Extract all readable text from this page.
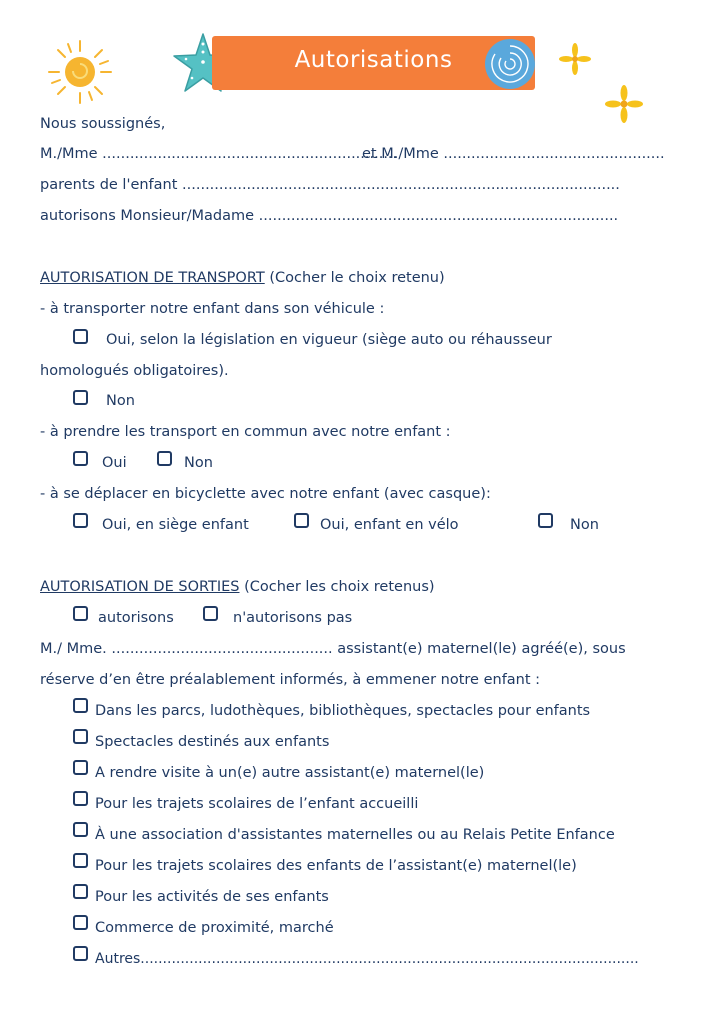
Autorisations
Nous soussignés,
M./Mme ................................................................
et M./Mme ................................................
parents de l'enfant ...............................................................................................
autorisons Monsieur/Madame ..............................................................................
AUTORISATION DE TRANSPORT (Cocher le choix retenu)
- à transporter notre enfant dans son véhicule :
Oui, selon la législation en vigueur (siège auto ou réhausseur
homologués obligatoires).
Non
- à prendre les transport en commun avec notre enfant :
Oui	Non
- à se déplacer en bicyclette avec notre enfant (avec casque):
Oui, en siège enfant	Oui, enfant en vélo	Non
AUTORISATION DE SORTIES (Cocher les choix retenus)
autorisons	n'autorisons pas
M./ Mme. ................................................ assistant(e) maternel(le) agréé(e), sous
réserve d’en être préalablement informés, à emmener notre enfant :
Dans les parcs, ludothèques, bibliothèques, spectacles pour enfants
Spectacles destinés aux enfants
A rendre visite à un(e) autre assistant(e) maternel(le)
Pour les trajets scolaires de l’enfant accueilli
À une association d'assistantes maternelles ou au Relais Petite Enfance
Pour les trajets scolaires des enfants de l’assistant(e) maternel(le)
Pour les activités de ses enfants
Commerce de proximité, marché
Autres................................................................................................................
